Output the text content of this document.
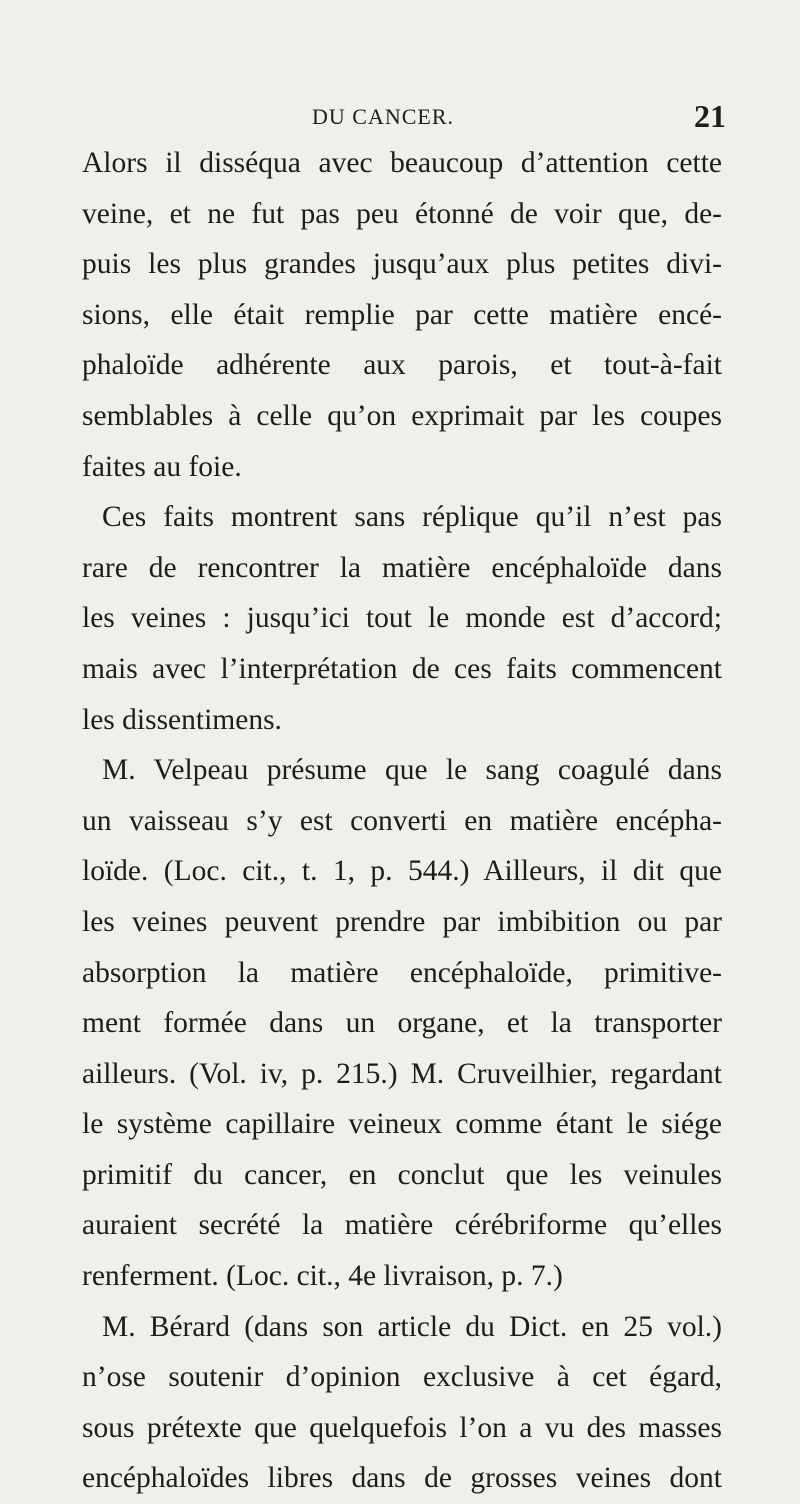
DU CANCER.	21
Alors il disséqua avec beaucoup d’attention cette
veine, et ne fut pas peu étonné de voir que, de-
puis les plus grandes jusqu’aux plus petites divi-
sions, elle était remplie par cette matière encé-
phaloïde adhérente aux parois, et tout-à-fait
semblables à celle qu’on exprimait par les coupes
faites au foie.
Ces faits montrent sans réplique qu’il n’est pas
rare de rencontrer la matière encéphaloïde dans
les veines : jusqu’ici tout le monde est d’accord;
mais avec l’interprétation de ces faits commencent
les dissentimens.
M. Velpeau présume que le sang coagulé dans
un vaisseau s’y est converti en matière encépha-
loïde. (Loc. cit., t. 1, p. 544.) Ailleurs, il dit que
les veines peuvent prendre par imbibition ou par
absorption la matière encéphaloïde, primitive-
ment formée dans un organe, et la transporter
ailleurs. (Vol. iv, p. 215.) M. Cruveilhier, regardant
le système capillaire veineux comme étant le siége
primitif du cancer, en conclut que les veinules
auraient secrété la matière cérébriforme qu’elles
renferment. (Loc. cit., 4e livraison, p. 7.)
M. Bérard (dans son article du Dict. en 25 vol.)
n’ose soutenir d’opinion exclusive à cet égard,
sous prétexte que quelquefois l’on a vu des masses
encéphaloïdes libres dans de grosses veines dont
